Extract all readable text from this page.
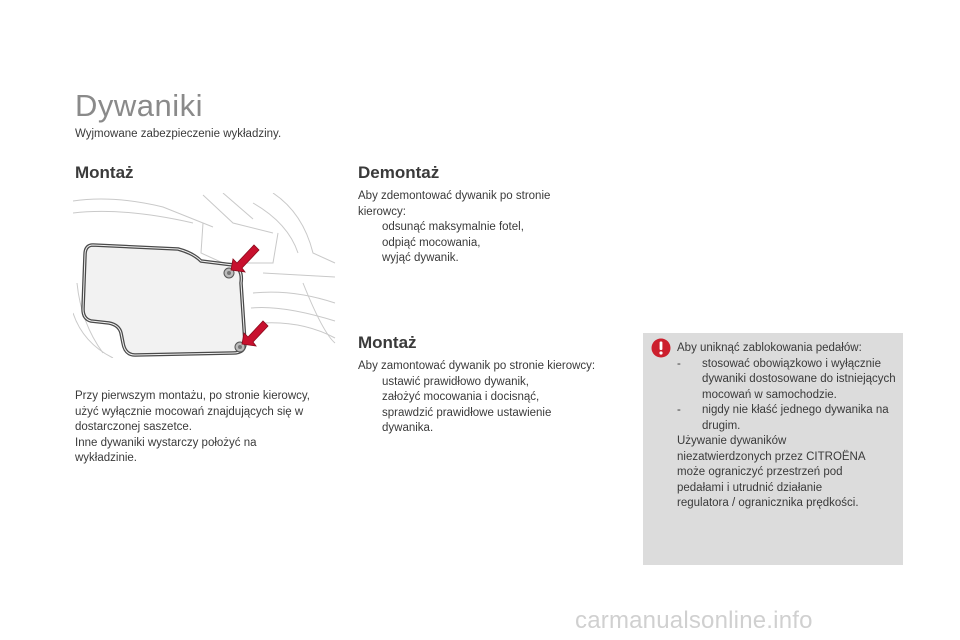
Dywaniki
Wyjmowane zabezpieczenie wykładziny.
Montaż

Przy pierwszym montażu, po stronie kierowcy,

użyć wyłącznie mocowań znajdujących się w

dostarczonej saszetce.

Inne dywaniki wystarczy położyć na

wykładzinie.

Demontaż

Aby zdemontować dywanik po stronie

kierowcy:

odsunąć maksymalnie fotel,
odpiąć mocowania,
wyjąć dywanik.
Montaż

Aby zamontować dywanik po stronie kierowcy:

ustawić prawidłowo dywanik,
założyć mocowania i docisnąć,
sprawdzić prawidłowe ustawienie dywanika.

Aby uniknąć zablokowania pedałów:

- stosować obowiązkowo i wyłącznie dywaniki dostosowane do istniejących mocowań w samochodzie.
- nigdy nie kłaść jednego dywanika na drugim.

Używanie dywaników

niezatwierdzonych przez CITROËNA

może ograniczyć przestrzeń pod

pedałami i utrudnić działanie

regulatora / ogranicznika prędkości.

carmanualsonline.info
